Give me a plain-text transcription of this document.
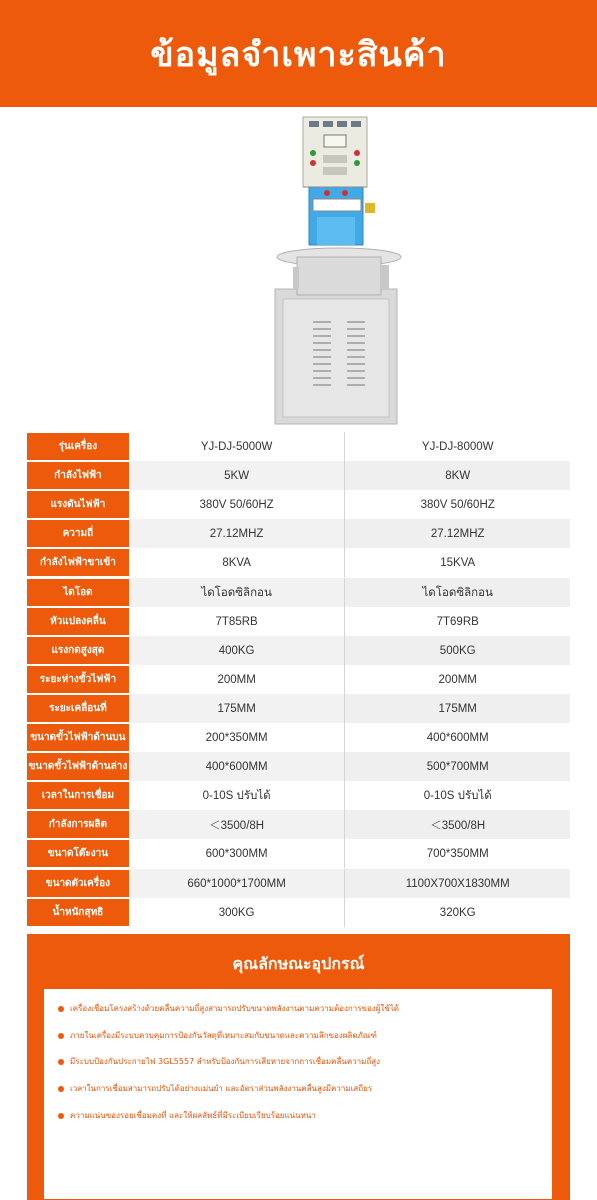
ข้อมูลจำเพาะสินค้า
รุ่นเครื่อง	YJ-DJ-5000W	YJ-DJ-8000W
กำลังไฟฟ้า	5KW	8KW
แรงดันไฟฟ้า	380V 50/60HZ	380V 50/60HZ
ความถี่	27.12MHZ	27.12MHZ
กำลังไฟฟ้าขาเข้า	8KVA	15KVA
ไดโอด	ไดโอดซิลิกอน	ไดโอดซิลิกอน
หัวแปลงคลื่น	7T85RB	7T69RB
แรงกดสูงสุด	400KG	500KG
ระยะห่างขั้วไฟฟ้า	200MM	200MM
ระยะเคลื่อนที่	175MM	175MM
ขนาดขั้วไฟฟ้าด้านบน	200*350MM	400*600MM
ขนาดขั้วไฟฟ้าด้านล่าง	400*600MM	500*700MM
เวลาในการเชื่อม	0-10S ปรับได้	0-10S ปรับได้
กำลังการผลิต	＜3500/8H	＜3500/8H
ขนาดโต๊ะงาน	600*300MM	700*350MM
ขนาดตัวเครื่อง	660*1000*1700MM	1100X700X1830MM
น้ำหนักสุทธิ	300KG	320KG
คุณลักษณะอุปกรณ์
เครื่องเชื่อมโครงสร้างด้วยคลื่นความถี่สูงสามารถปรับขนาดพลังงานตามความต้องการของผู้ใช้ได้
ภายในเครื่องมีระบบควบคุมการป้องกันวัสดุที่เหมาะสมกับขนาดและความลึกของผลิตภัณฑ์
มีระบบป้องกันประกายไฟ 3GL5557 สำหรับป้องกันการเสียหายจากการเชื่อมคลื่นความถี่สูง
เวลาในการเชื่อมสามารถปรับได้อย่างแม่นยำ และอัตราส่วนพลังงานคลื่นสูงมีความเสถียร
ความแน่นของรอยเชื่อมคงที่ และให้ผลลัพธ์ที่มีระเบียบเรียบร้อยแน่นหนา
